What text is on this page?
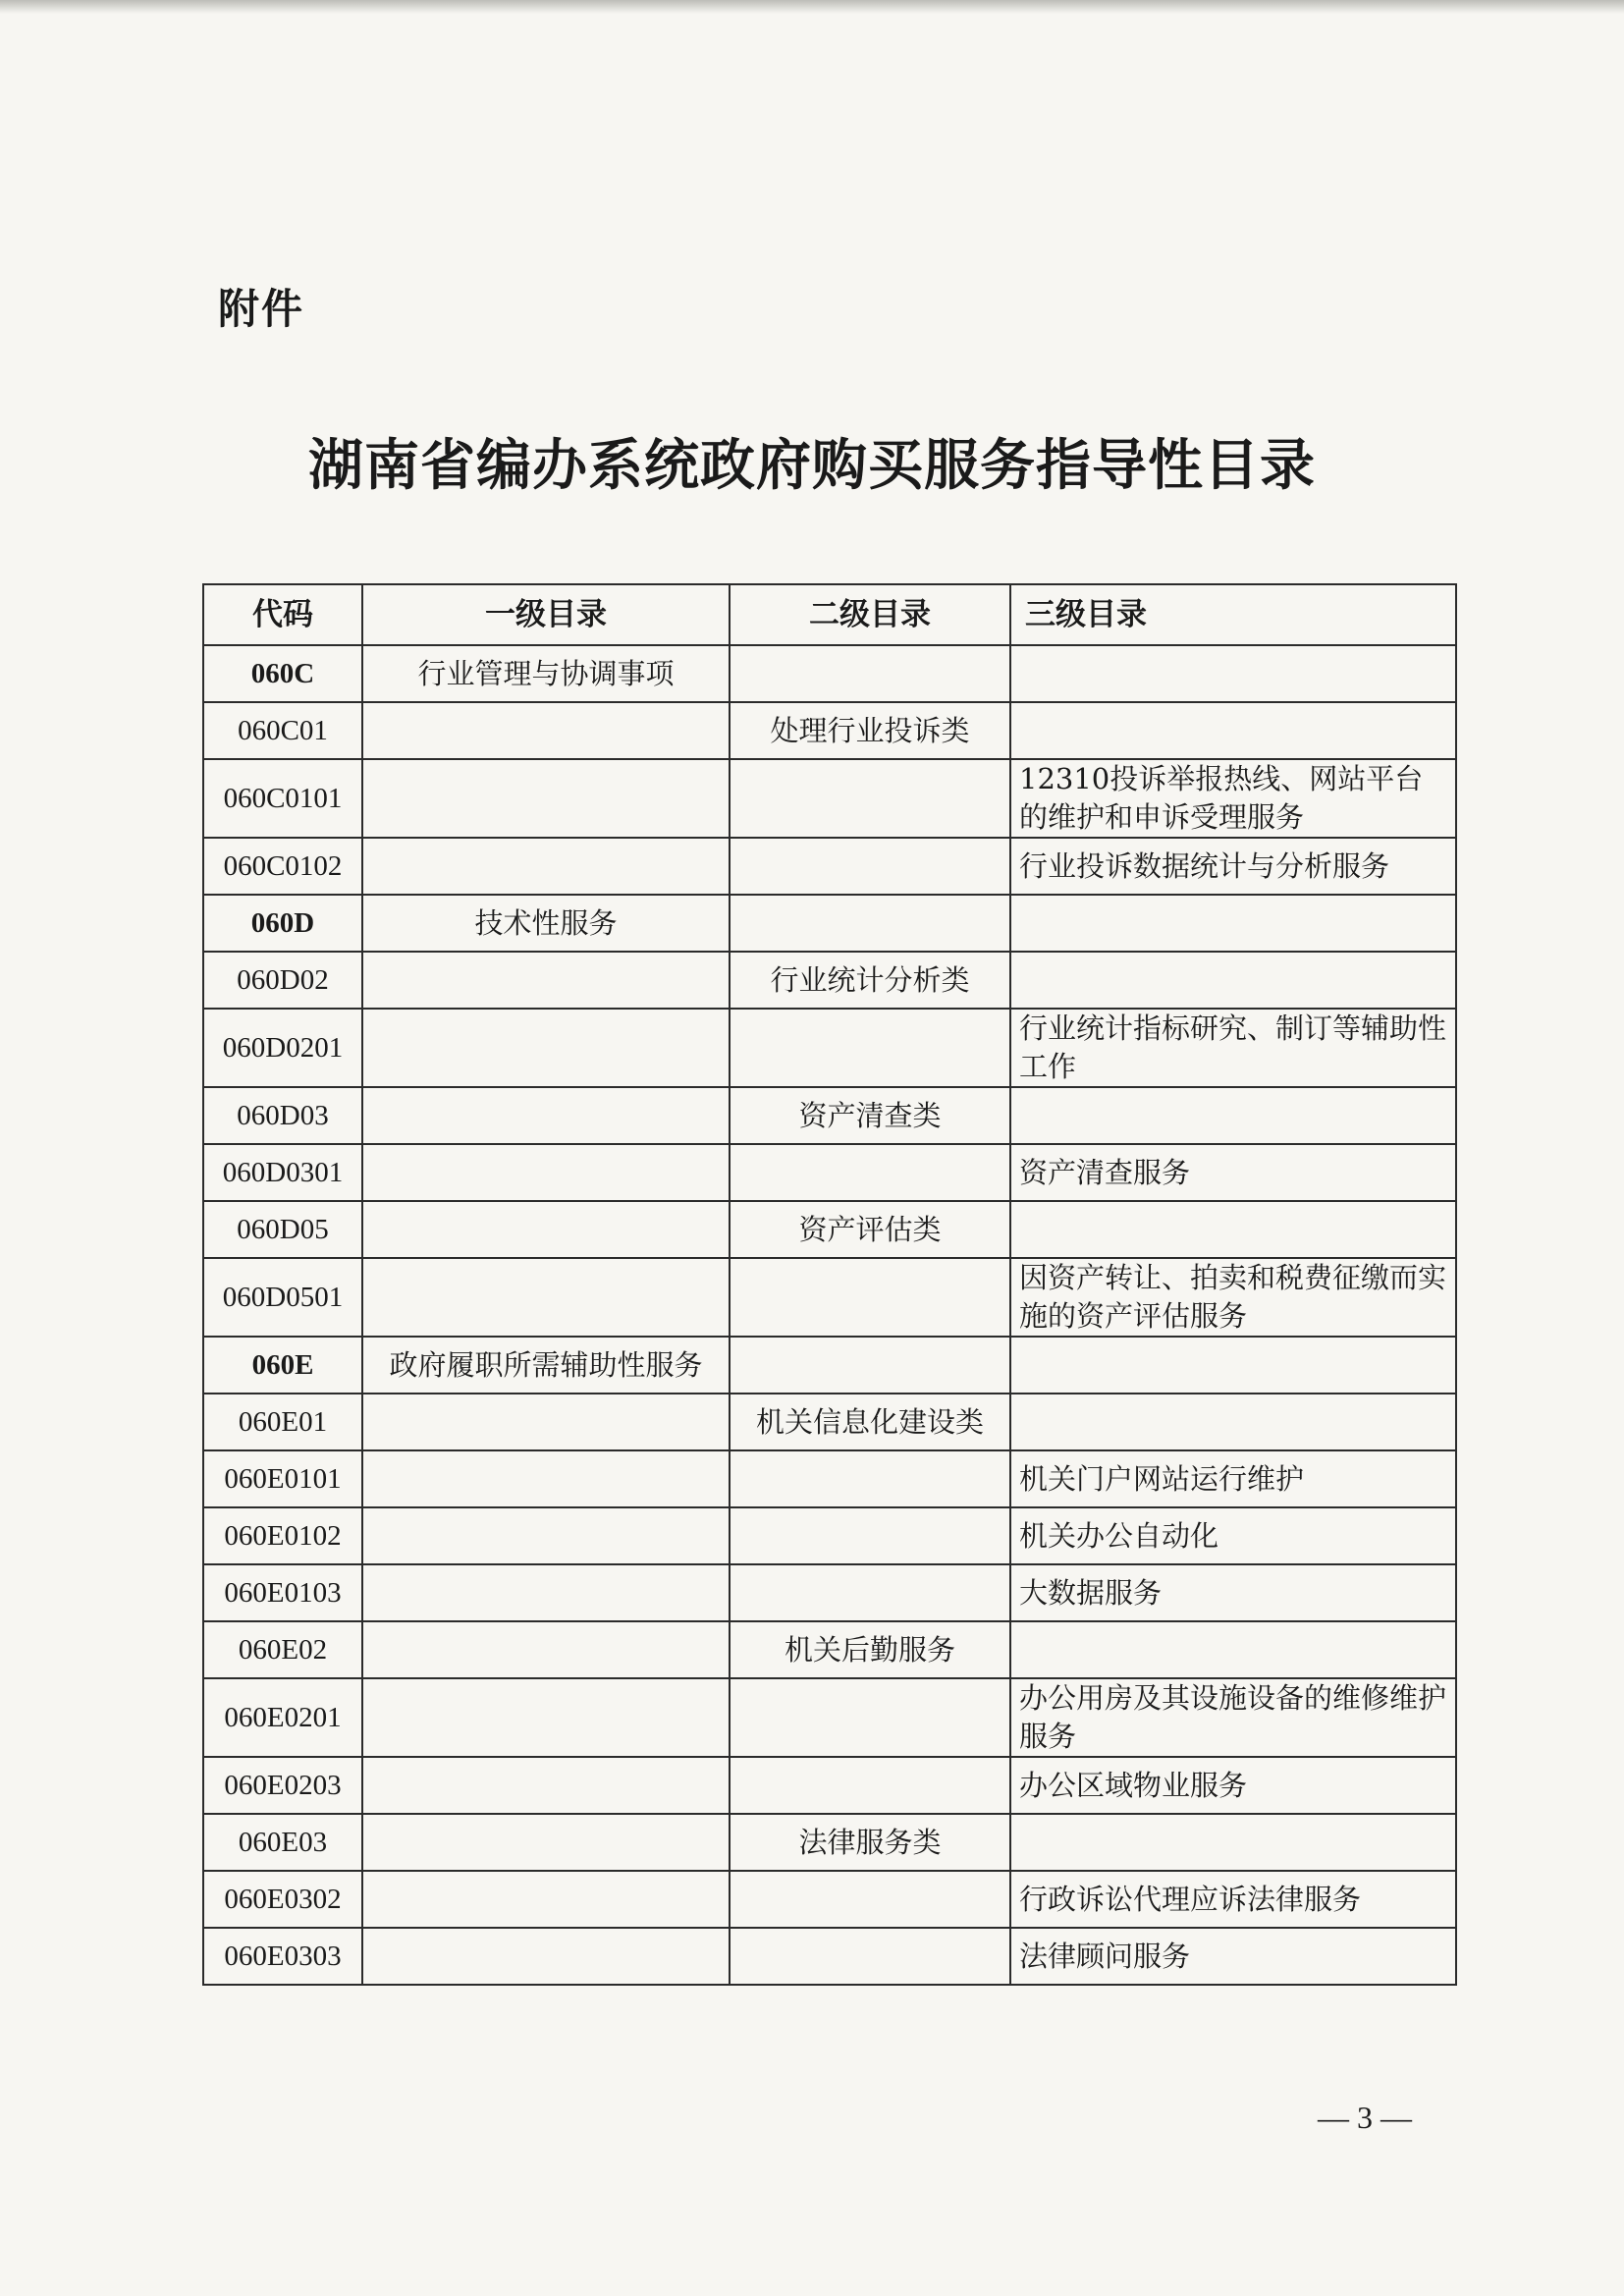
附件
湖南省编办系统政府购买服务指导性目录
代码	一级目录	二级目录	三级目录
060C	行业管理与协调事项		
060C01		处理行业投诉类	
060C0101			12310投诉举报热线、网站平台的维护和申诉受理服务
060C0102			行业投诉数据统计与分析服务
060D	技术性服务		
060D02		行业统计分析类	
060D0201			行业统计指标研究、制订等辅助性工作
060D03		资产清查类	
060D0301			资产清查服务
060D05		资产评估类	
060D0501			因资产转让、拍卖和税费征缴而实施的资产评估服务
060E	政府履职所需辅助性服务		
060E01		机关信息化建设类	
060E0101			机关门户网站运行维护
060E0102			机关办公自动化
060E0103			大数据服务
060E02		机关后勤服务	
060E0201			办公用房及其设施设备的维修维护服务
060E0203			办公区域物业服务
060E03		法律服务类	
060E0302			行政诉讼代理应诉法律服务
060E0303			法律顾问服务
— 3 —
